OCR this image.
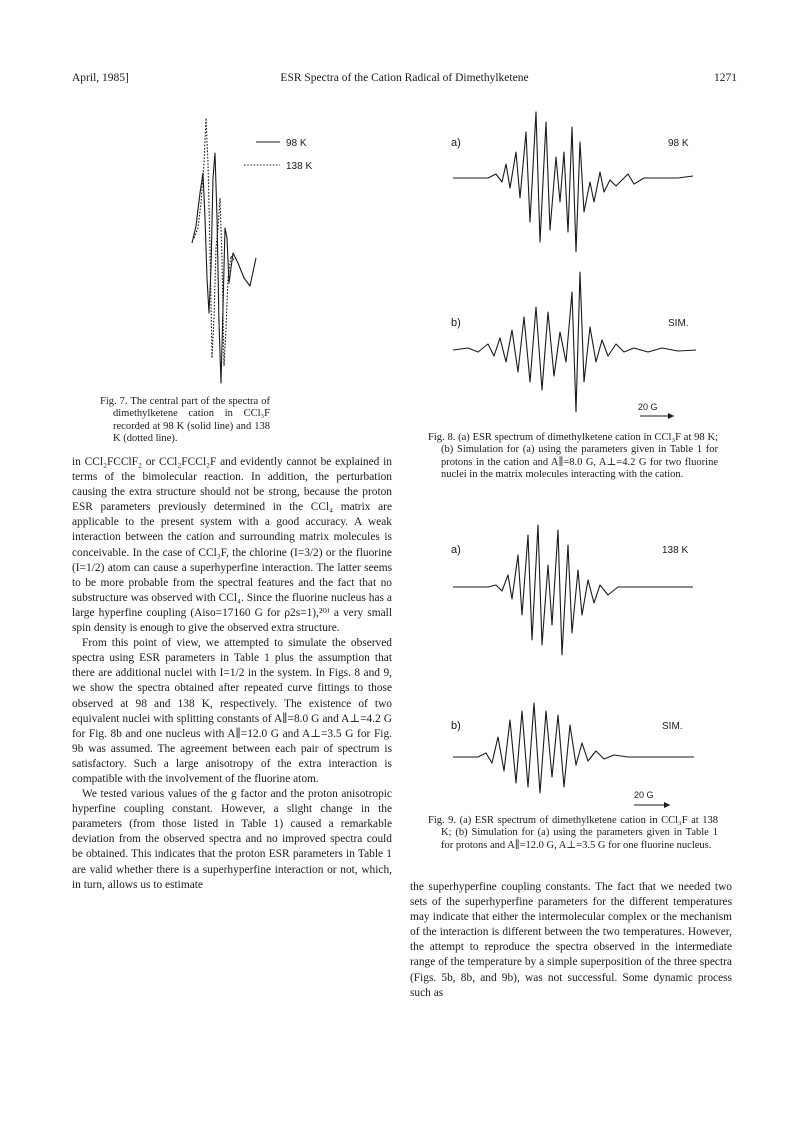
April, 1985]	ESR Spectra of the Cation Radical of Dimethylketene	1271
98 K
138 K

Fig. 7. The central part of the spectra of dimethylketene cation in CCl₃F recorded at 98 K (solid line) and 138 K (dotted line).

a)	98 K
b)	SIM.
20 G

Fig. 8. (a) ESR spectrum of dimethylketene cation in CCl₃F at 98 K; (b) Simulation for (a) using the parameters given in Table 1 for protons in the cation and A∥=8.0 G, A⊥=4.2 G for two fluorine nuclei in the matrix molecules interacting with the cation.

a)	138 K
b)	SIM.
20 G

Fig. 9. (a) ESR spectrum of dimethylketene cation in CCl₃F at 138 K; (b) Simulation for (a) using the parameters given in Table 1 for protons and A∥=12.0 G, A⊥=3.5 G for one fluorine nucleus.

in CCl₂FCClF₂ or CCl₂FCCl₂F and evidently cannot be explained in terms of the bimolecular reaction. In addition, the perturbation causing the extra structure should not be strong, because the proton ESR parameters previously determined in the CCl₄ matrix are applicable to the present system with a good accuracy. A weak interaction between the cation and surrounding matrix molecules is conceivable. In the case of CCl₃F, the chlorine (I=3/2) or the fluorine (I=1/2) atom can cause a superhyperfine interaction. The latter seems to be more probable from the spectral features and the fact that no substructure was observed with CCl₄. Since the fluorine nucleus has a large hyperfine coupling (Aiso=17160 G for ρ2s=1),²⁰⁾ a very small spin density is enough to give the observed extra structure.

From this point of view, we attempted to simulate the observed spectra using ESR parameters in Table 1 plus the assumption that there are additional nuclei with I=1/2 in the system. In Figs. 8 and 9, we show the spectra obtained after repeated curve fittings to those observed at 98 and 138 K, respectively. The existence of two equivalent nuclei with splitting constants of A∥=8.0 G and A⊥=4.2 G for Fig. 8b and one nucleus with A∥=12.0 G and A⊥=3.5 G for Fig. 9b was assumed. The agreement between each pair of spectrum is satisfactory. Such a large anisotropy of the extra interaction is compatible with the involvement of the fluorine atom.

We tested various values of the g factor and the proton anisotropic hyperfine coupling constant. However, a slight change in the parameters (from those listed in Table 1) caused a remarkable deviation from the observed spectra and no improved spectra could be obtained. This indicates that the proton ESR parameters in Table 1 are valid whether there is a superhyperfine interaction or not, which, in turn, allows us to estimate	the superhyperfine coupling constants. The fact that we needed two sets of the superhyperfine parameters for the different temperatures may indicate that either the intermolecular complex or the mechanism of the interaction is different between the two temperatures. However, the attempt to reproduce the spectra observed in the intermediate range of the temperature by a simple superposition of the three spectra (Figs. 5b, 8b, and 9b), was not successful. Some dynamic process such as
